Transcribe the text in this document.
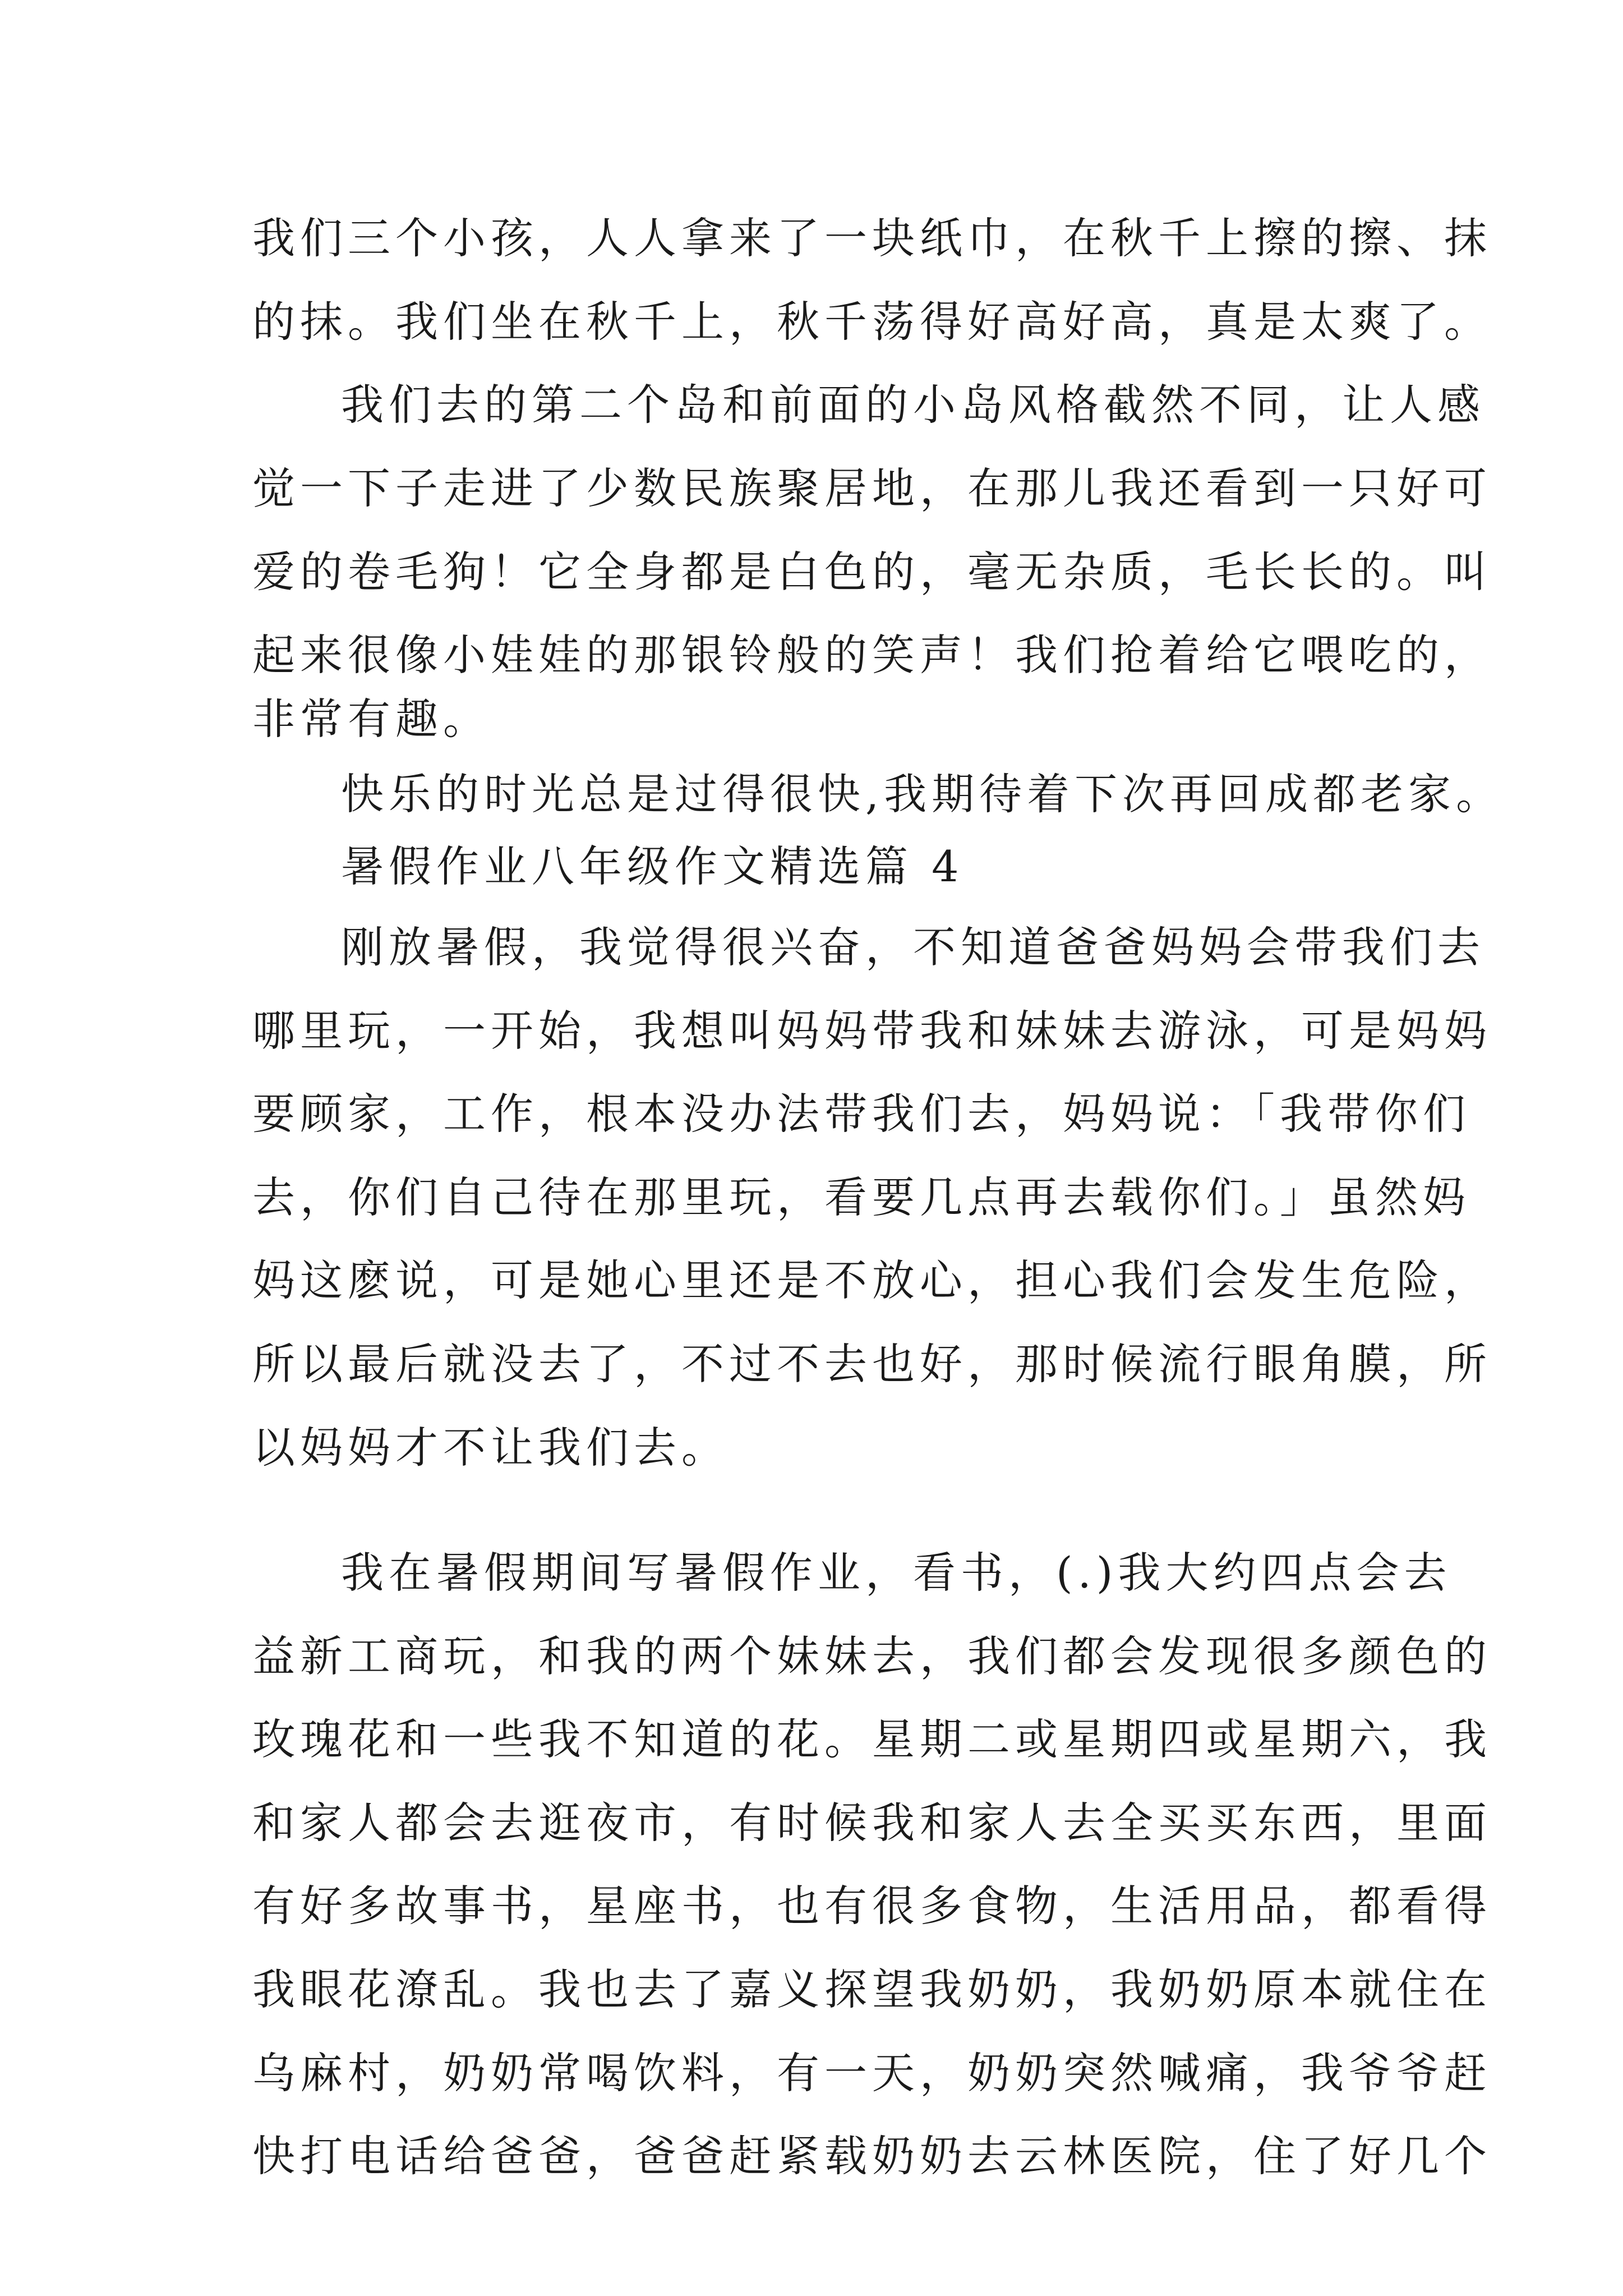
我们三个小孩，人人拿来了一块纸巾，在秋千上擦的擦、抹
的抹。我们坐在秋千上，秋千荡得好高好高，真是太爽了。
我们去的第二个岛和前面的小岛风格截然不同，让人感
觉一下子走进了少数民族聚居地，在那儿我还看到一只好可
爱的卷毛狗！它全身都是白色的，毫无杂质，毛长长的。叫
起来很像小娃娃的那银铃般的笑声！我们抢着给它喂吃的，
非常有趣。
快乐的时光总是过得很快,我期待着下次再回成都老家。
暑假作业八年级作文精选篇 4
刚放暑假，我觉得很兴奋，不知道爸爸妈妈会带我们去
哪里玩，一开始，我想叫妈妈带我和妹妹去游泳，可是妈妈
要顾家，工作，根本没办法带我们去，妈妈说：「我带你们
去，你们自己待在那里玩，看要几点再去载你们。」虽然妈
妈这麽说，可是她心里还是不放心，担心我们会发生危险，
所以最后就没去了，不过不去也好，那时候流行眼角膜，所
以妈妈才不让我们去。
我在暑假期间写暑假作业，看书，(.)我大约四点会去
益新工商玩，和我的两个妹妹去，我们都会发现很多颜色的
玫瑰花和一些我不知道的花。星期二或星期四或星期六，我
和家人都会去逛夜市，有时候我和家人去全买买东西，里面
有好多故事书，星座书，也有很多食物，生活用品，都看得
我眼花潦乱。我也去了嘉义探望我奶奶，我奶奶原本就住在
乌麻村，奶奶常喝饮料，有一天，奶奶突然喊痛，我爷爷赶
快打电话给爸爸，爸爸赶紧载奶奶去云林医院，住了好几个
